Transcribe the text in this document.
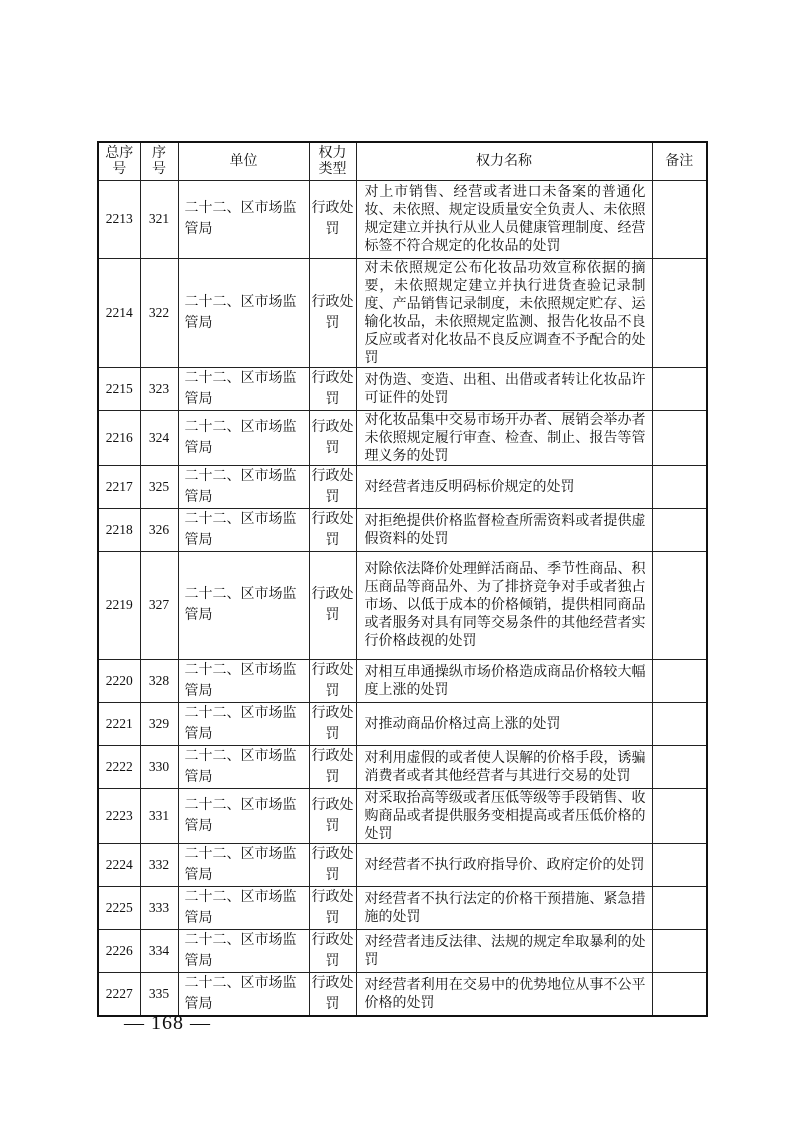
总序号	序号	单位	权力类型	权力名称	备注
2213	321	二十二、区市场监管局	行政处罚	对上市销售、经营或者进口未备案的普通化妆、未依照、规定设质量安全负责人、未依照规定建立并执行从业人员健康管理制度、经营标签不符合规定的化妆品的处罚	
2214	322	二十二、区市场监管局	行政处罚	对未依照规定公布化妆品功效宣称依据的摘要，未依照规定建立并执行进货查验记录制度、产品销售记录制度，未依照规定贮存、运输化妆品，未依照规定监测、报告化妆品不良反应或者对化妆品不良反应调查不予配合的处罚	
2215	323	二十二、区市场监管局	行政处罚	对伪造、变造、出租、出借或者转让化妆品许可证件的处罚	
2216	324	二十二、区市场监管局	行政处罚	对化妆品集中交易市场开办者、展销会举办者未依照规定履行审查、检查、制止、报告等管理义务的处罚	
2217	325	二十二、区市场监管局	行政处罚	对经营者违反明码标价规定的处罚	
2218	326	二十二、区市场监管局	行政处罚	对拒绝提供价格监督检查所需资料或者提供虚假资料的处罚	
2219	327	二十二、区市场监管局	行政处罚	对除依法降价处理鲜活商品、季节性商品、积压商品等商品外、为了排挤竞争对手或者独占市场、以低于成本的价格倾销，提供相同商品或者服务对具有同等交易条件的其他经营者实行价格歧视的处罚	
2220	328	二十二、区市场监管局	行政处罚	对相互串通操纵市场价格造成商品价格较大幅度上涨的处罚	
2221	329	二十二、区市场监管局	行政处罚	对推动商品价格过高上涨的处罚	
2222	330	二十二、区市场监管局	行政处罚	对利用虚假的或者使人误解的价格手段，诱骗消费者或者其他经营者与其进行交易的处罚	
2223	331	二十二、区市场监管局	行政处罚	对采取抬高等级或者压低等级等手段销售、收购商品或者提供服务变相提高或者压低价格的处罚	
2224	332	二十二、区市场监管局	行政处罚	对经营者不执行政府指导价、政府定价的处罚	
2225	333	二十二、区市场监管局	行政处罚	对经营者不执行法定的价格干预措施、紧急措施的处罚	
2226	334	二十二、区市场监管局	行政处罚	对经营者违反法律、法规的规定牟取暴利的处罚	
2227	335	二十二、区市场监管局	行政处罚	对经营者利用在交易中的优势地位从事不公平价格的处罚	
— 168 —
